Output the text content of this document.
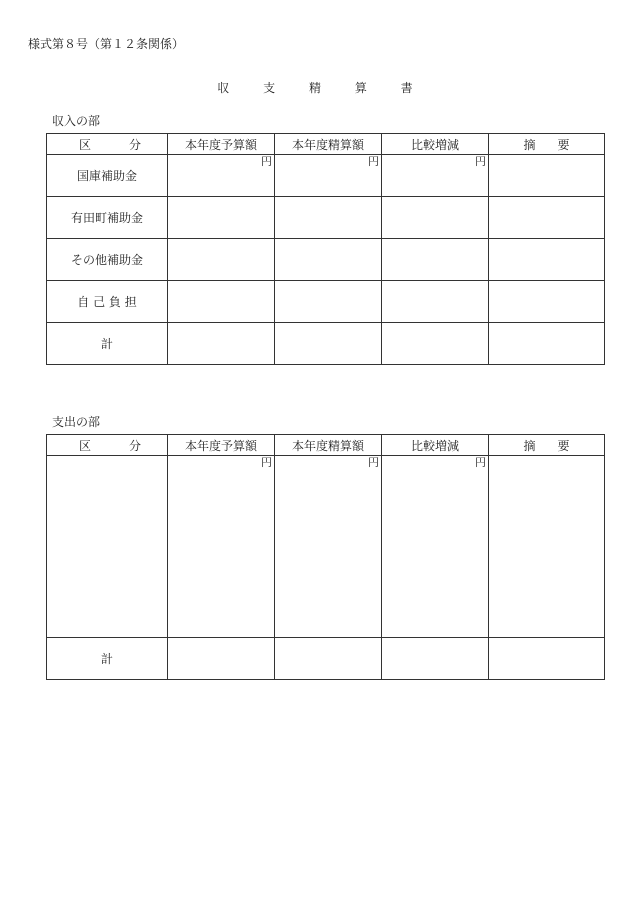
様式第８号（第１２条関係）
収	支	精	算	書
収入の部
区 分	本年度予算額	本年度精算額	比較増減	摘 要

国庫補助金	円	円	円	

有田町補助金				
その他補助金				
自 己 負 担				
計				
支出の部
区 分	本年度予算額	本年度精算額	比較増減	摘 要

	円	円	円	

計				
